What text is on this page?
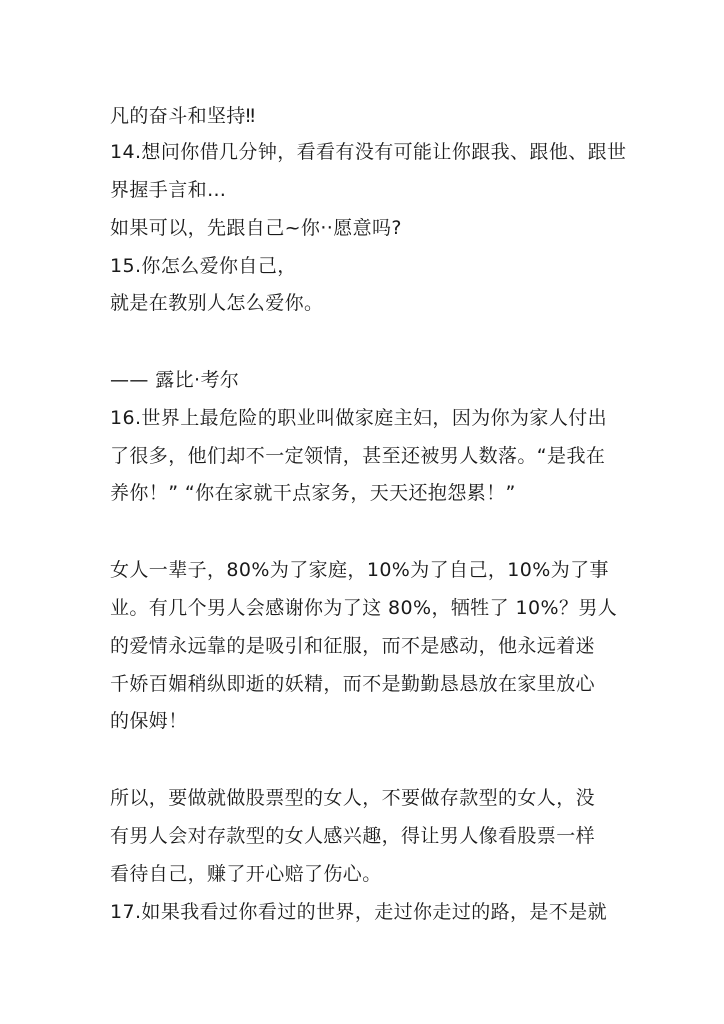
凡的奋斗和坚持‼
14.想问你借几分钟，看看有没有可能让你跟我、跟他、跟世
界握手言和…
如果可以，先跟自己~你··愿意吗?
15.你怎么爱你自己，
就是在教别人怎么爱你。
—— 露比·考尔
16.世界上最危险的职业叫做家庭主妇，因为你为家人付出
了很多，他们却不一定领情，甚至还被男人数落。“是我在
养你！” “你在家就干点家务，天天还抱怨累！”
女人一辈子，80%为了家庭，10%为了自己，10%为了事
业。有几个男人会感谢你为了这 80%，牺牲了 10%？男人
的爱情永远靠的是吸引和征服，而不是感动，他永远着迷
千娇百媚稍纵即逝的妖精，而不是勤勤恳恳放在家里放心
的保姆！
所以，要做就做股票型的女人，不要做存款型的女人，没
有男人会对存款型的女人感兴趣，得让男人像看股票一样
看待自己，赚了开心赔了伤心。
17.如果我看过你看过的世界，走过你走过的路，是不是就
